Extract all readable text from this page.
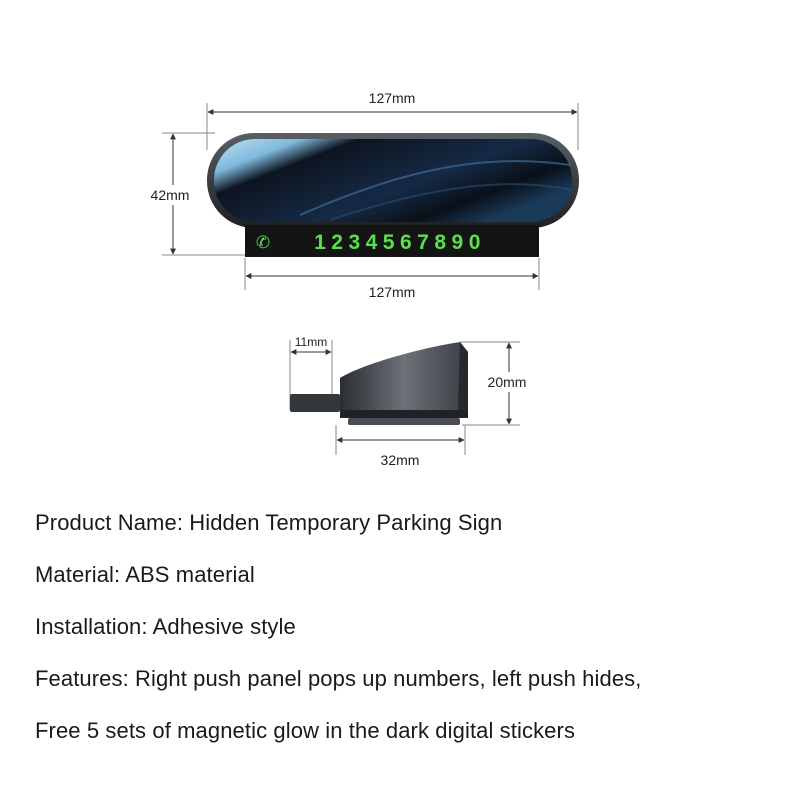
127mm
42mm
✆ 1234567890
127mm
11mm
20mm
32mm
Product Name: Hidden Temporary Parking Sign
Material: ABS material
Installation: Adhesive style
Features: Right push panel pops up numbers, left push hides,
Free 5 sets of magnetic glow in the dark digital stickers
